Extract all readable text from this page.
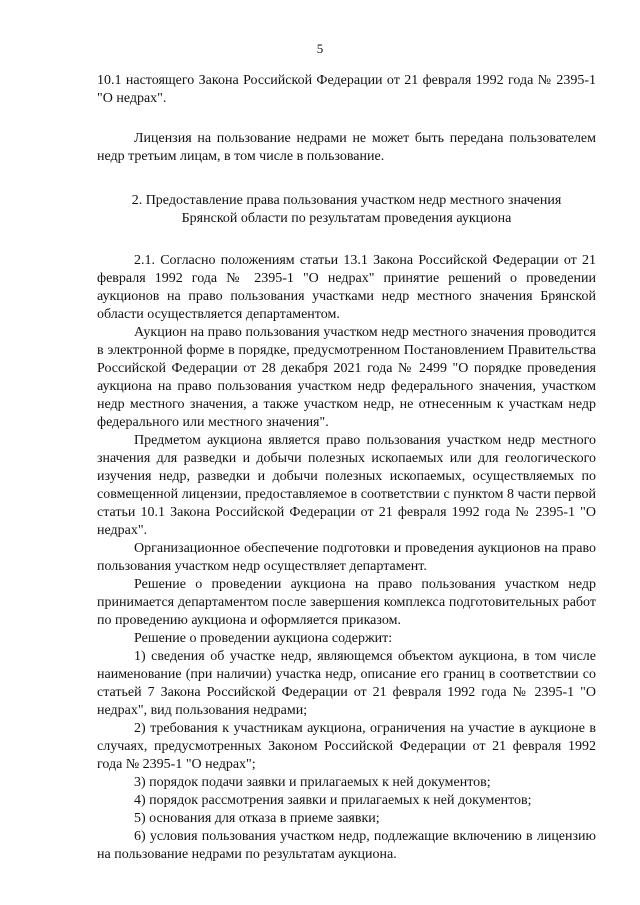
5

10.1 настоящего Закона Российской Федерации от 21 февраля 1992 года № 2395-1 "О недрах".

Лицензия на пользование недрами не может быть передана пользователем недр третьим лицам, в том числе в пользование.

2. Предоставление права пользования участком недр местного значения
Брянской области по результатам проведения аукциона

2.1. Согласно положениям статьи 13.1 Закона Российской Федерации от 21 февраля 1992 года № 2395-1 "О недрах" принятие решений о проведении аукционов на право пользования участками недр местного значения Брянской области осуществляется департаментом.

Аукцион на право пользования участком недр местного значения проводится в электронной форме в порядке, предусмотренном Постановлением Правительства Российской Федерации от 28 декабря 2021 года № 2499 "О порядке проведения аукциона на право пользования участком недр федерального значения, участком недр местного значения, а также участком недр, не отнесенным к участкам недр федерального или местного значения".

Предметом аукциона является право пользования участком недр местного значения для разведки и добычи полезных ископаемых или для геологического изучения недр, разведки и добычи полезных ископаемых, осуществляемых по совмещенной лицензии, предоставляемое в соответствии с пунктом 8 части первой статьи 10.1 Закона Российской Федерации от 21 февраля 1992 года № 2395-1 "О недрах".

Организационное обеспечение подготовки и проведения аукционов на право пользования участком недр осуществляет департамент.

Решение о проведении аукциона на право пользования участком недр принимается департаментом после завершения комплекса подготовительных работ по проведению аукциона и оформляется приказом.

Решение о проведении аукциона содержит:

1) сведения об участке недр, являющемся объектом аукциона, в том числе наименование (при наличии) участка недр, описание его границ в соответствии со статьей 7 Закона Российской Федерации от 21 февраля 1992 года № 2395-1 "О недрах", вид пользования недрами;

2) требования к участникам аукциона, ограничения на участие в аукционе в случаях, предусмотренных Законом Российской Федерации от 21 февраля 1992 года № 2395-1 "О недрах";

3) порядок подачи заявки и прилагаемых к ней документов;

4) порядок рассмотрения заявки и прилагаемых к ней документов;

5) основания для отказа в приеме заявки;

6) условия пользования участком недр, подлежащие включению в лицензию на пользование недрами по результатам аукциона.
